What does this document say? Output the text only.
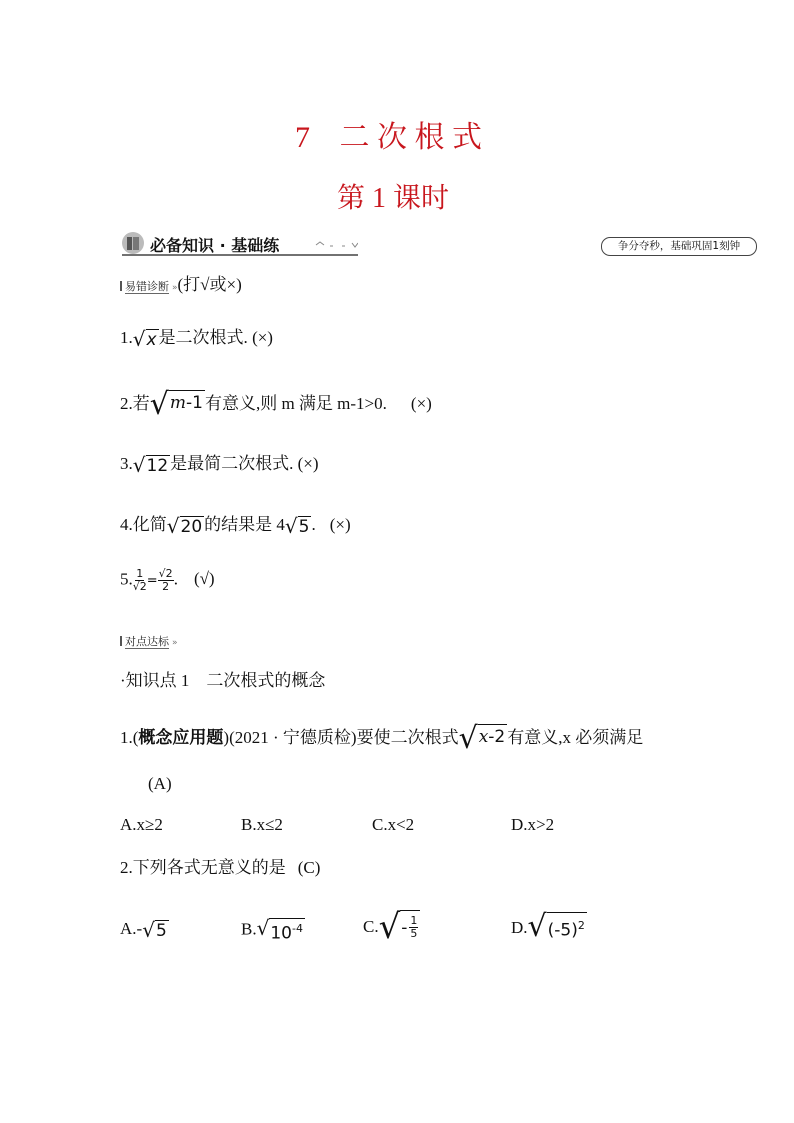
7 二 次 根 式
第 1 课时
必备知识 · 基础练	争分夺秒，基础巩固1刻钟
易错诊断 »(打√或×)
1. √ x 是二次根式. (×)
2.若 √ m-1 有意义,则 m 满足 m-1>0. (×)
3. √ 12 是最简二次根式. (×)
4.化简 √ 20 的结果是 4 √ 5 . (×)
5. $\frac{1}{√2} = \frac{√2}{2}$ . (√)
对点达标 »
·知识点 1　二次根式的概念
1.(概念应用题)(2021 · 宁德质检)要使二次根式 √ x-2 有意义,x 必须满足
(A)
A.x≥2	B.x≤2	C.x<2	D.x>2
2.下列各式无意义的是 (C)
A.- √ 5	B. √ $10^{-4}$	C. √ - $\frac{1}{5}$	D. √ $(-5)^2$
